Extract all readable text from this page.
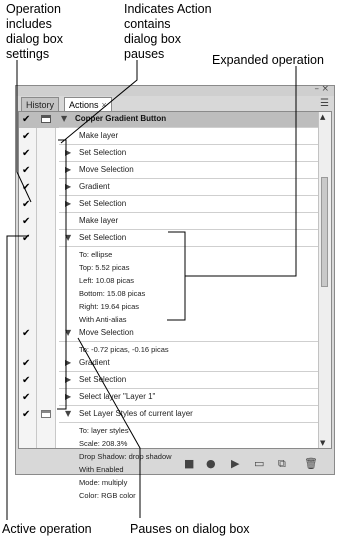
Operation
includes
dialog box
settings
Indicates Action
contains
dialog box
pauses	Expanded operation
Active operation	Pauses on dialog box
– ×
History	Actions ×	☰
✔	▼ Copper Gradient Button
✔	Make layer
✔	▶ Set Selection
✔	▶ Move Selection
✔	▶ Gradient
✔	▶ Set Selection
✔	Make layer
✔	▼ Set Selection
To: ellipse
Top: 5.52 picas
Left: 10.08 picas
Bottom: 15.08 picas
Right: 19.64 picas
With Anti-alias
✔	▼ Move Selection
To: -0.72 picas, -0.16 picas
✔	▶ Gradient
✔	▶ Set Selection
✔	▶ Select layer "Layer 1"
✔	▼ Set Layer Styles of current layer
To: layer styles
Scale: 208.3%
Drop Shadow: drop shadow
With Enabled
Mode: multiply
Color: RGB color
▲
▼
■ ● ▶ ▭ ⧉ 🗑
